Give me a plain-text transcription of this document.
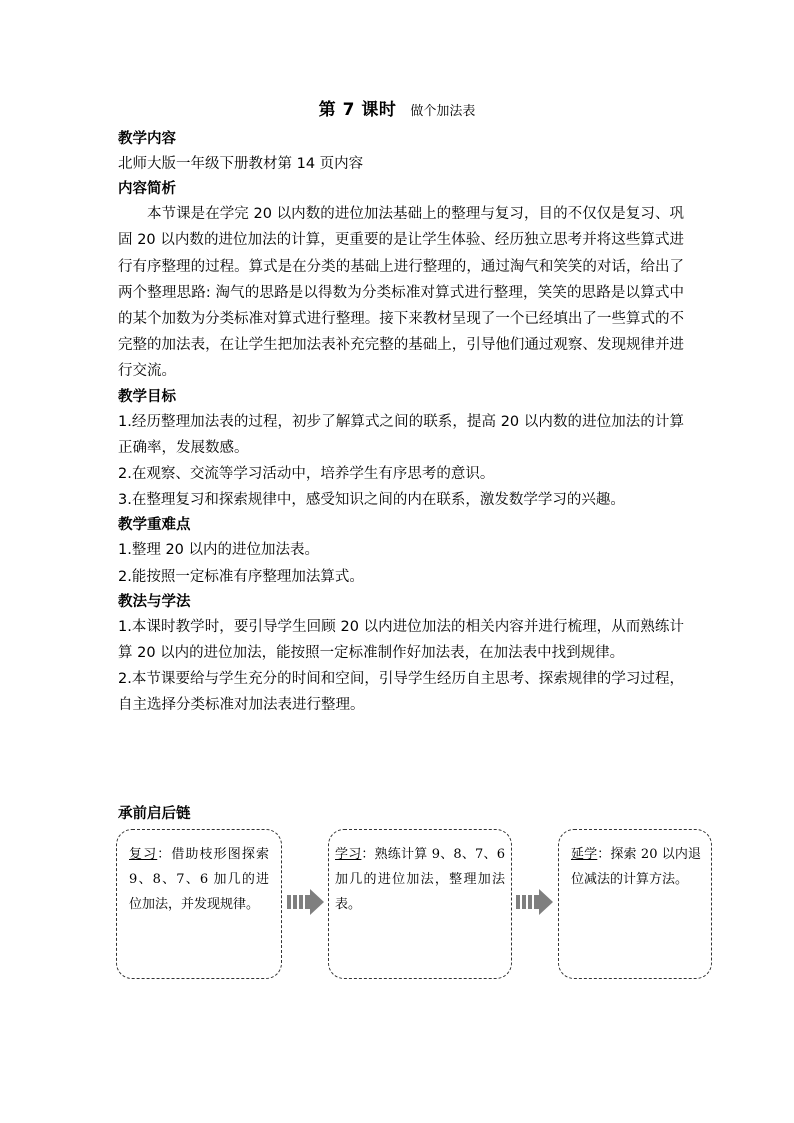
第 7 课时 做个加法表

教学内容

北师大版一年级下册教材第 14 页内容

内容简析

本节课是在学完 20 以内数的进位加法基础上的整理与复习，目的不仅仅是复习、巩固 20 以内数的进位加法的计算，更重要的是让学生体验、经历独立思考并将这些算式进行有序整理的过程。算式是在分类的基础上进行整理的，通过淘气和笑笑的对话，给出了两个整理思路: 淘气的思路是以得数为分类标准对算式进行整理，笑笑的思路是以算式中的某个加数为分类标准对算式进行整理。接下来教材呈现了一个已经填出了一些算式的不完整的加法表，在让学生把加法表补充完整的基础上，引导他们通过观察、发现规律并进行交流。

教学目标

1.经历整理加法表的过程，初步了解算式之间的联系，提高 20 以内数的进位加法的计算正确率，发展数感。

2.在观察、交流等学习活动中，培养学生有序思考的意识。

3.在整理复习和探索规律中，感受知识之间的内在联系，激发数学学习的兴趣。

教学重难点

1.整理 20 以内的进位加法表。

2.能按照一定标准有序整理加法算式。

教法与学法

1.本课时教学时，要引导学生回顾 20 以内进位加法的相关内容并进行梳理，从而熟练计算 20 以内的进位加法，能按照一定标准制作好加法表，在加法表中找到规律。

2.本节课要给与学生充分的时间和空间，引导学生经历自主思考、探索规律的学习过程，自主选择分类标准对加法表进行整理。

承前启后链
复习：借助枝形图探索 9、8、7、6 加几的进位加法，并发现规律。
学习：熟练计算 9、8、7、6 加几的进位加法，整理加法表。
延学：探索 20 以内退位减法的计算方法。
